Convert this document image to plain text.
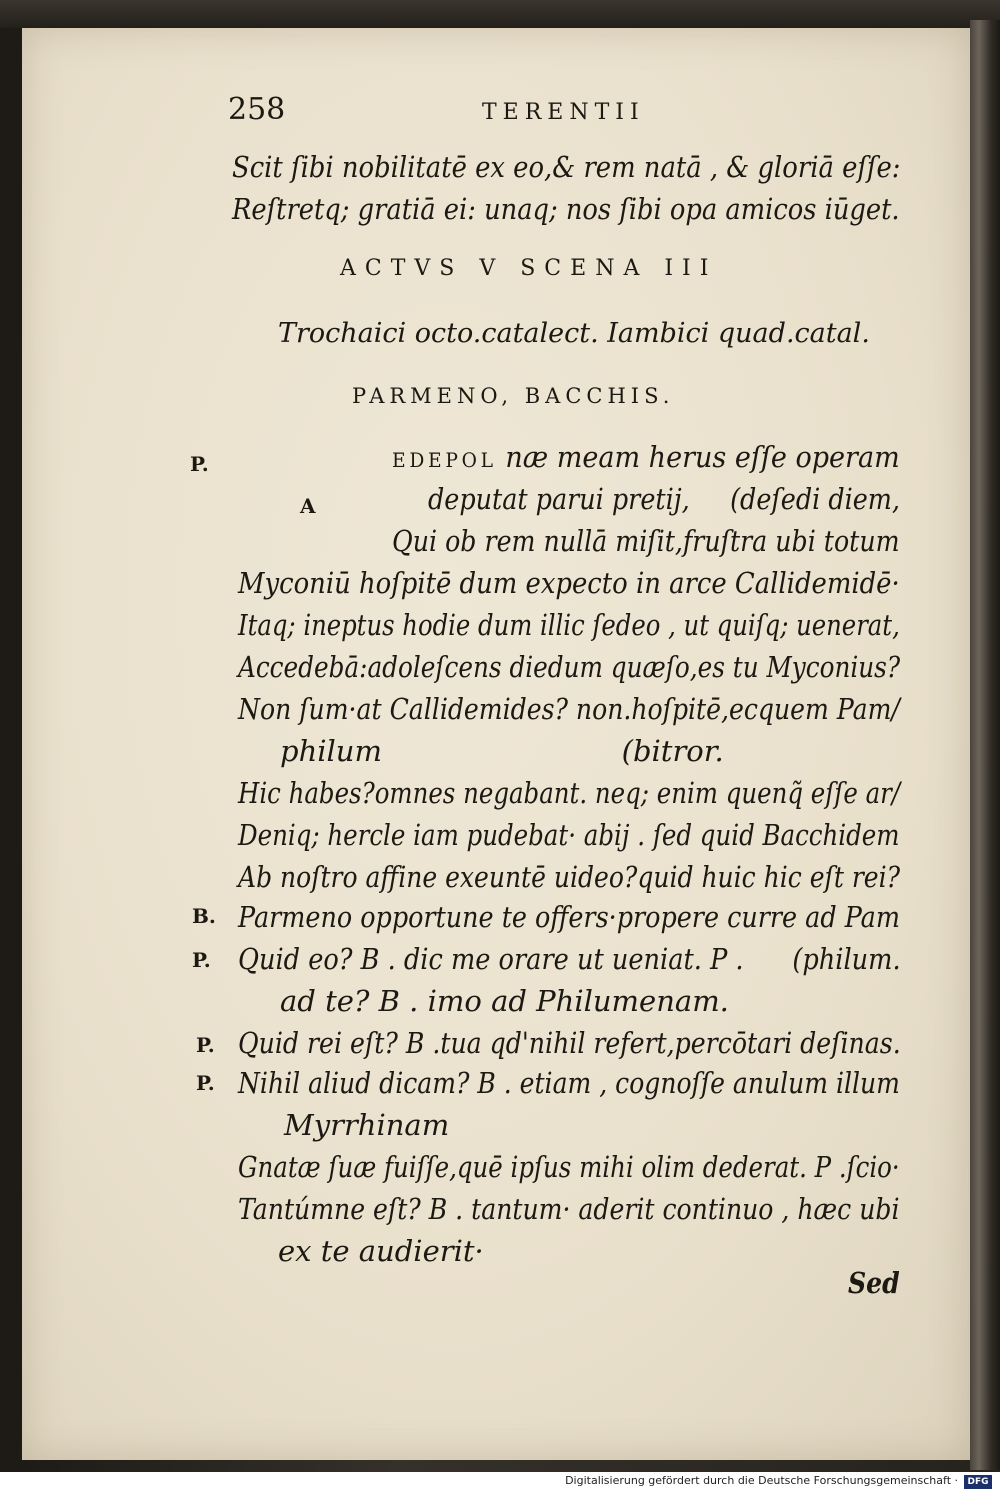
258	TERENTII
Scit ſibi nobilitatē ex eo,& rem natā , & gloriā eſſe:
Reſtretq; gratiā ei: unaq; nos ſibi opa amicos iūget.
ACTVS V SCENA III
Trochaici octo.catalect. Iambici quad.catal.
PARMENO, BACCHIS.
P.
A
B.
P.
P.
P.
EDEPOL næ meam herus eſſe operam
deputat parui pretij,     (deſedi diem,
Qui ob rem nullā miſit,fruſtra ubi totum
Myconiū hoſpitē dum expecto in arce Callidemidē·
Itaq; ineptus hodie dum illic ſedeo , ut quiſq; uenerat,
Accedebā:adoleſcens diedum quæſo,es tu Myconius?
Non ſum·at Callidemides? non.hoſpitē,ecquem Pam/
philum                          (bitror.
Hic habes?omnes negabant. neq; enim quenq̃ eſſe ar/
Deniq; hercle iam pudebat· abij . ſed quid Bacchidem
Ab noſtro affine exeuntē uideo?quid huic hic eſt rei?
Parmeno opportune te offers·propere curre ad Pam
Quid eo? B . dic me orare ut ueniat. P .      (philum.
ad te? B . imo ad Philumenam.
Quid rei eſt? B .tua qd'nihil refert,percōtari deſinas.
Nihil aliud dicam? B . etiam , cognoſſe anulum illum
Myrrhinam
Gnatæ ſuæ fuiſſe,quē ipſus mihi olim dederat. P .ſcio·
Tantúmne eſt? B . tantum· aderit continuo , hæc ubi
ex te audierit·
Sed
Digitalisierung gefördert durch die Deutsche Forschungsgemeinschaft ·	DFG
